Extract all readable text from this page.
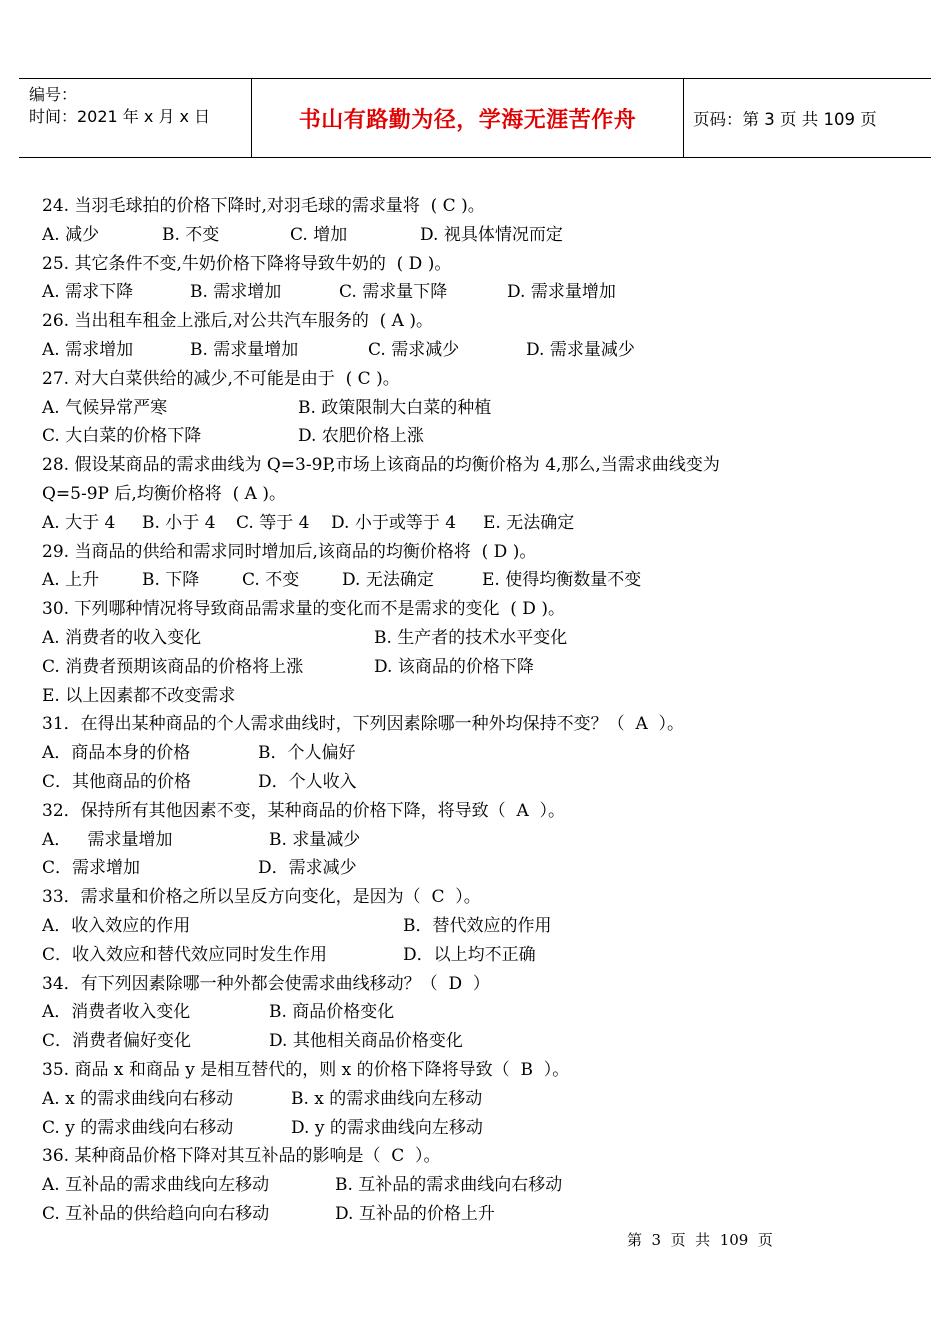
编号：
时间：2021 年 x 月 x 日	书山有路勤为径，学海无涯苦作舟	页码：第 3 页 共 109 页
24. 当羽毛球拍的价格下降时,对羽毛球的需求量将  ( C )。
A. 减少	B. 不变	C. 增加	D. 视具体情况而定
25. 其它条件不变,牛奶价格下降将导致牛奶的  ( D )。
A. 需求下降	B. 需求增加	C. 需求量下降	D. 需求量增加
26. 当出租车租金上涨后,对公共汽车服务的  ( A )。
A. 需求增加	B. 需求量增加	C. 需求减少	D. 需求量减少
27. 对大白菜供给的减少,不可能是由于  ( C )。
A. 气候异常严寒	B. 政策限制大白菜的种植
C. 大白菜的价格下降	D. 农肥价格上涨
28. 假设某商品的需求曲线为 Q=3-9P,市场上该商品的均衡价格为 4,那么,当需求曲线变为
Q=5-9P 后,均衡价格将  ( A )。
A. 大于 4 B. 小于 4 C. 等于 4 D. 小于或等于 4 E. 无法确定
29. 当商品的供给和需求同时增加后,该商品的均衡价格将  ( D )。
A. 上升	B. 下降	C. 不变	D. 无法确定	E. 使得均衡数量不变
30. 下列哪种情况将导致商品需求量的变化而不是需求的变化  ( D )。
A. 消费者的收入变化	B. 生产者的技术水平变化
C. 消费者预期该商品的价格将上涨	D. 该商品的价格下降
E. 以上因素都不改变需求
31．在得出某种商品的个人需求曲线时，下列因素除哪一种外均保持不变？（  A  ）。
A．商品本身的价格	B．个人偏好
C．其他商品的价格	D．个人收入
32．保持所有其他因素不变，某种商品的价格下降，将导致（  A  ）。
A．   需求量增加	B. 求量减少
C．需求增加	D．需求减少
33．需求量和价格之所以呈反方向变化，是因为（  C  ）。
A．收入效应的作用	B．替代效应的作用
C．收入效应和替代效应同时发生作用	D．以上均不正确
34．有下列因素除哪一种外都会使需求曲线移动？（  D  ）
A．消费者收入变化	B. 商品价格变化
C．消费者偏好变化	D. 其他相关商品价格变化
35. 商品 x 和商品 y 是相互替代的，则 x 的价格下降将导致（  B  ）。
A. x 的需求曲线向右移动	B. x 的需求曲线向左移动
C. y 的需求曲线向右移动	D. y 的需求曲线向左移动
36. 某种商品价格下降对其互补品的影响是（  C  ）。
A. 互补品的需求曲线向左移动	B. 互补品的需求曲线向右移动
C. 互补品的供给趋向向右移动	D. 互补品的价格上升
第  3  页  共  109  页
